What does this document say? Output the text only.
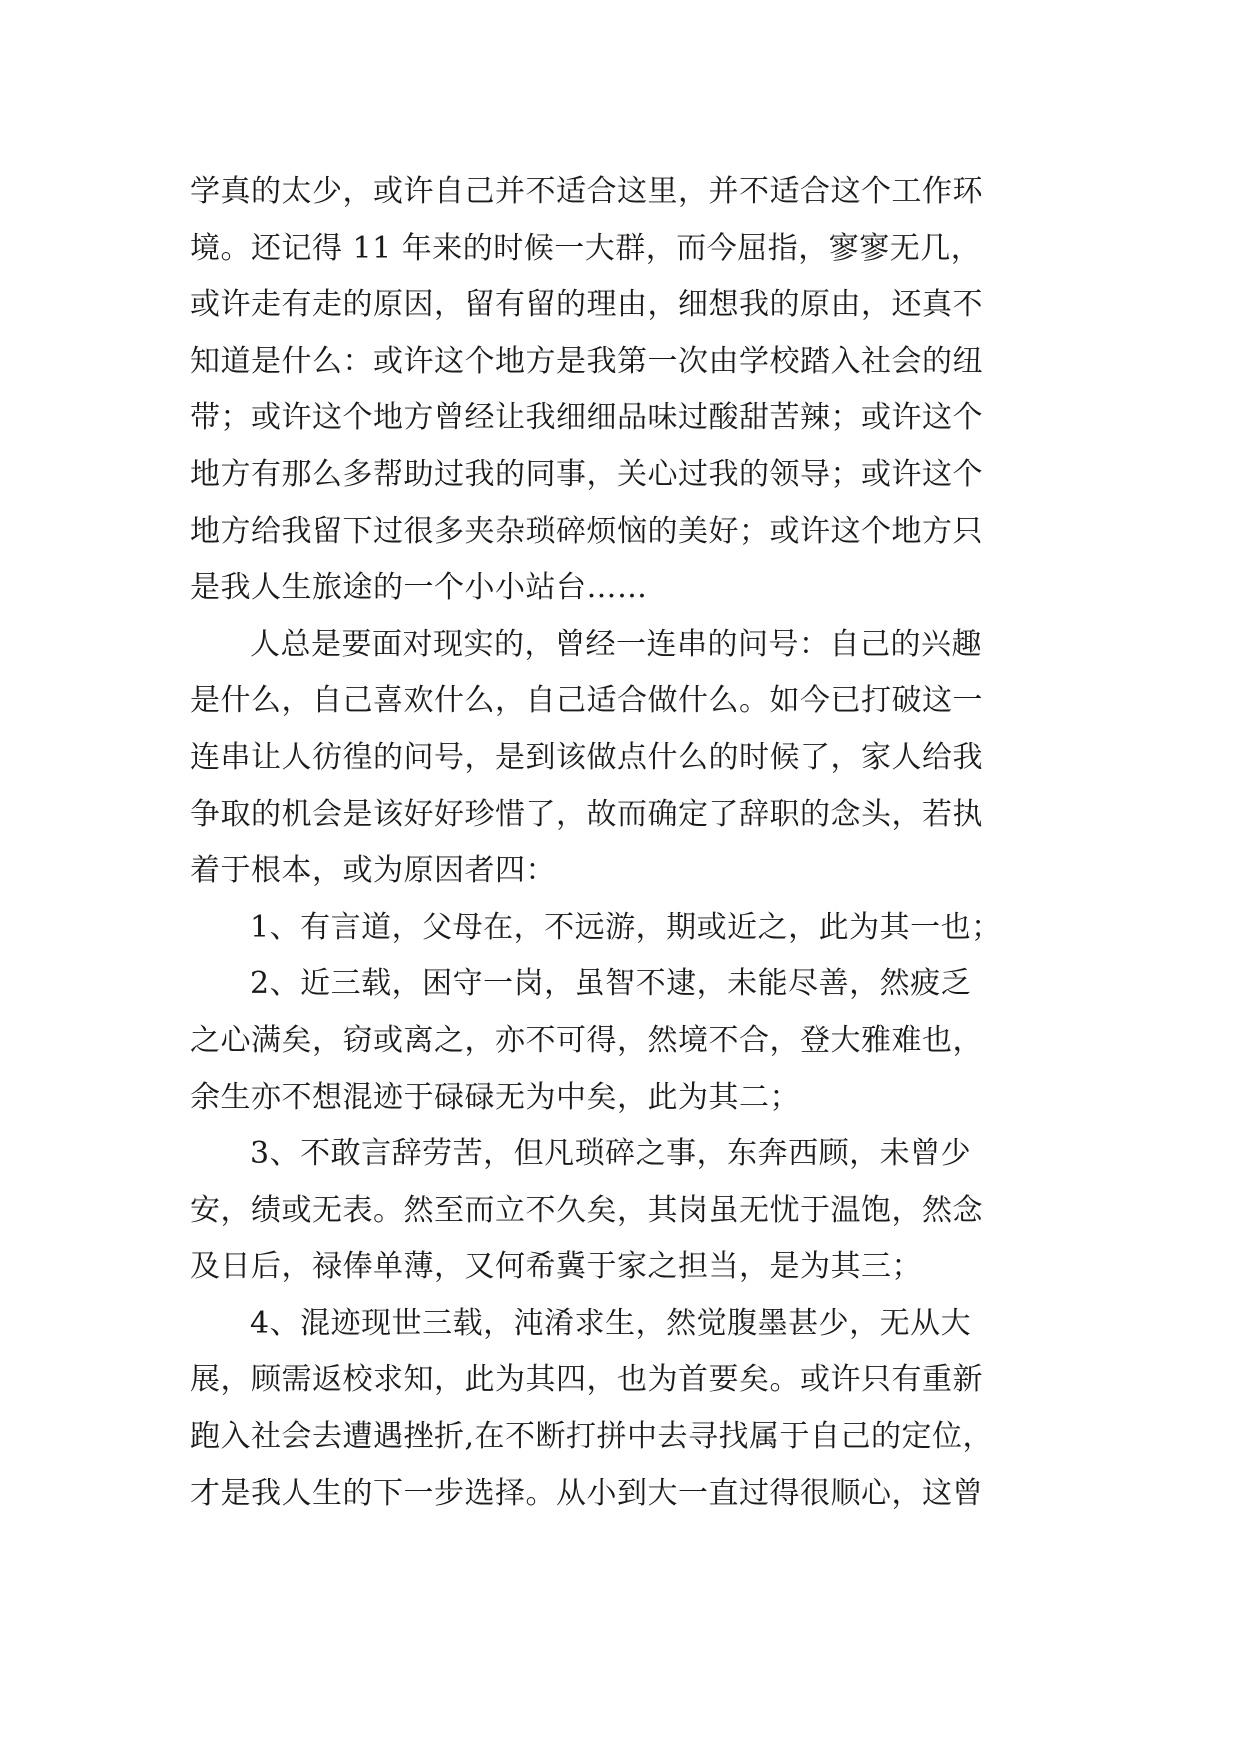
学真的太少，或许自己并不适合这里，并不适合这个工作环
境。还记得 11 年来的时候一大群，而今屈指，寥寥无几，
或许走有走的原因，留有留的理由，细想我的原由，还真不
知道是什么：或许这个地方是我第一次由学校踏入社会的纽
带；或许这个地方曾经让我细细品味过酸甜苦辣；或许这个
地方有那么多帮助过我的同事，关心过我的领导；或许这个
地方给我留下过很多夹杂琐碎烦恼的美好；或许这个地方只
是我人生旅途的一个小小站台……
人总是要面对现实的，曾经一连串的问号：自己的兴趣
是什么，自己喜欢什么，自己适合做什么。如今已打破这一
连串让人彷徨的问号，是到该做点什么的时候了，家人给我
争取的机会是该好好珍惜了，故而确定了辞职的念头，若执
着于根本，或为原因者四：
1、有言道，父母在，不远游，期或近之，此为其一也；
2、近三载，困守一岗，虽智不逮，未能尽善，然疲乏
之心满矣，窃或离之，亦不可得，然境不合，登大雅难也，
余生亦不想混迹于碌碌无为中矣，此为其二；
3、不敢言辞劳苦，但凡琐碎之事，东奔西顾，未曾少
安，绩或无表。然至而立不久矣，其岗虽无忧于温饱，然念
及日后，禄俸单薄，又何希冀于家之担当，是为其三；
4、混迹现世三载，沌淆求生，然觉腹墨甚少，无从大
展，顾需返校求知，此为其四，也为首要矣。或许只有重新
跑入社会去遭遇挫折,在不断打拼中去寻找属于自己的定位，
才是我人生的下一步选择。从小到大一直过得很顺心，这曾
